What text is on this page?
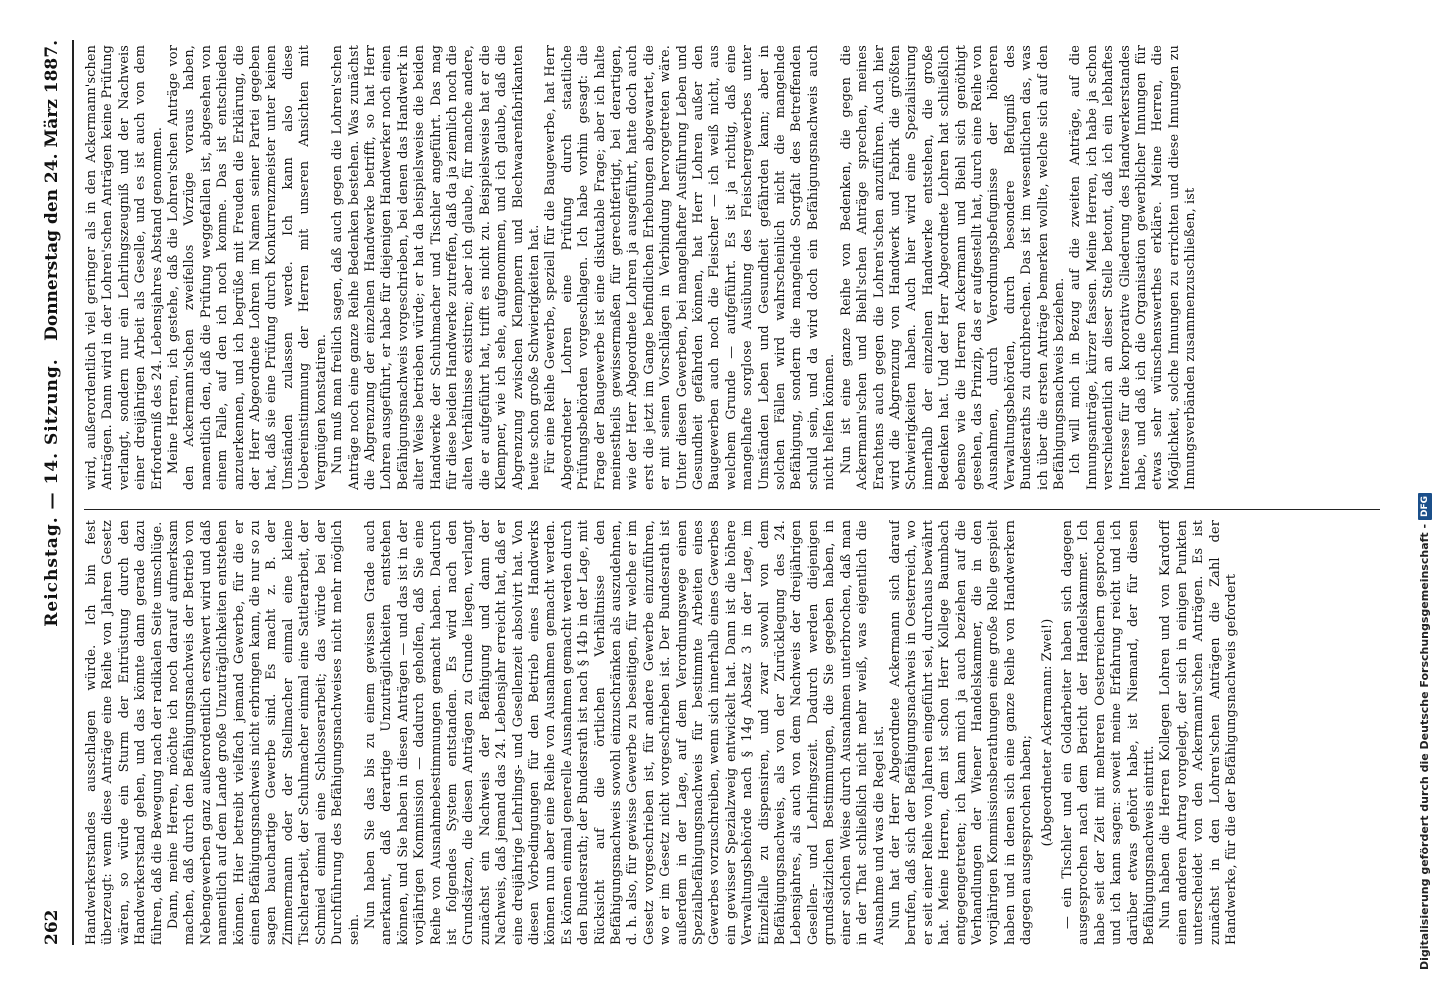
262
Reichstag. — 14. Sitzung.
Donnerstag den 24. März 1887.

Handwerkerstandes ausschlagen würde. Ich bin fest überzeugt: wenn diese Anträge eine Reihe von Jahren Gesetz wären, so würde ein Sturm der Entrüstung durch den Handwerkerstand gehen, und das könnte dann gerade dazu führen, daß die Bewegung nach der radikalen Seite umschlüge. Dann, meine Herren, möchte ich noch darauf aufmerksam machen, daß durch den Befähigungsnachweis der Betrieb von Nebengewerben ganz außerordentlich erschwert wird und daß namentlich auf dem Lande große Unzuträglichkeiten entstehen können. Hier betreibt vielfach jemand Gewerbe, für die er einen Befähigungsnachweis nicht erbringen kann, die nur so zu sagen bauchartige Gewerbe sind. Es macht z. B. der Zimmermann oder der Stellmacher einmal eine kleine Tischlerarbeit, der Schuhmacher einmal eine Sattlerarbeit, der Schmied einmal eine Schlosserarbeit; das würde bei der Durchführung des Befähigungsnachweises nicht mehr möglich sein.

Nun haben Sie das bis zu einem gewissen Grade auch anerkannt, daß derartige Unzuträglichkeiten entstehen können, und Sie haben in diesen Anträgen — und das ist in der vorjährigen Kommission — dadurch geholfen, daß Sie eine Reihe von Ausnahmebestimmungen gemacht haben. Dadurch ist folgendes System entstanden. Es wird nach den Grundsätzen, die diesen Anträgen zu Grunde liegen, verlangt zunächst ein Nachweis der Befähigung und dann der Nachweis, daß jemand das 24. Lebensjahr erreicht hat, daß er eine dreijährige Lehrlings- und Gesellenzeit absolvirt hat. Von diesen Vorbedingungen für den Betrieb eines Handwerks können nun aber eine Reihe von Ausnahmen gemacht werden. Es können einmal generelle Ausnahmen gemacht werden durch den Bundesrath; der Bundesrath ist nach § 14b in der Lage, mit Rücksicht auf die örtlichen Verhältnisse den Befähigungsnachweis sowohl einzuschränken als auszudehnen, d. h. also, für gewisse Gewerbe zu beseitigen, für welche er im Gesetz vorgeschrieben ist, für andere Gewerbe einzuführen, wo er im Gesetz nicht vorgeschrieben ist. Der Bundesrath ist außerdem in der Lage, auf dem Verordnungswege einen Spezialbefähigungsnachweis für bestimmte Arbeiten eines Gewerbes vorzuschreiben, wenn sich innerhalb eines Gewerbes ein gewisser Spezialzweig entwickelt hat. Dann ist die höhere Verwaltungsbehörde nach § 14g Absatz 3 in der Lage, im Einzelfalle zu dispensiren, und zwar sowohl von dem Befähigungsnachweis, als von der Zurücklegung des 24. Lebensjahres, als auch von dem Nachweis der dreijährigen Gesellen- und Lehrlingszeit. Dadurch werden diejenigen grundsätzlichen Bestimmungen, die Sie gegeben haben, in einer solchen Weise durch Ausnahmen unterbrochen, daß man in der That schließlich nicht mehr weiß, was eigentlich die Ausnahme und was die Regel ist. Nun hat der Herr Abgeordnete Ackermann sich darauf berufen, daß sich der Befähigungsnachweis in Oesterreich, wo er seit einer Reihe von Jahren eingeführt sei, durchaus bewährt hat. Meine Herren, dem ist schon Herr Kollege Baumbach entgegengetreten; ich kann mich ja auch beziehen auf die Verhandlungen der Wiener Handelskammer, die in den vorjährigen Kommissionsberathungen eine große Rolle gespielt haben und in denen sich eine ganze Reihe von Handwerkern dagegen ausgesprochen haben; (Abgeordneter Ackermann: Zwei!) — ein Tischler und ein Goldarbeiter haben sich dagegen ausgesprochen nach dem Bericht der Handelskammer. Ich habe seit der Zeit mit mehreren Oesterreichern gesprochen und ich kann sagen: soweit meine Erfahrung reicht und ich darüber etwas gehört habe, ist Niemand, der für diesen Befähigungsnachweis eintritt. Nun haben die Herren Kollegen Lohren und von Kardorff einen anderen Antrag vorgelegt, der sich in einigen Punkten unterscheidet von den Ackermann'schen Anträgen. Es ist zunächst in den Lohren'schen Anträgen die Zahl der Handwerke, für die der Befähigungsnachweis gefordert

wird, außerordentlich viel geringer als in den Ackermann'schen Anträgen. Dann wird in der Lohren'schen Anträgen keine Prüfung verlangt, sondern nur ein Lehrlingszeugniß und der Nachweis einer dreijährigen Arbeit als Geselle, und es ist auch von dem Erforderniß des 24. Lebensjahres Abstand genommen. Meine Herren, ich gestehe, daß die Lohren'schen Anträge vor den Ackermann'schen zweifellos Vorzüge voraus haben, namentlich den, daß die Prüfung weggefallen ist, abgesehen von einem Falle, auf den ich noch komme. Das ist entschieden anzuerkennen, und ich begrüße mit Freuden die Erklärung, die der Herr Abgeordnete Lohren im Namen seiner Partei gegeben hat, daß sie eine Prüfung durch Konkurrenzmeister unter keinen Umständen zulassen werde. Ich kann also diese Uebereinstimmung der Herren mit unseren Ansichten mit Vergnügen konstatiren. Nun muß man freilich sagen, daß auch gegen die Lohren'schen Anträge noch eine ganze Reihe Bedenken bestehen. Was zunächst die Abgrenzung der einzelnen Handwerke betrifft, so hat Herr Lohren ausgeführt, er habe für diejenigen Handwerker noch einen Befähigungsnachweis vorgeschrieben, bei denen das Handwerk in alter Weise betrieben würde; er hat da beispielsweise die beiden Handwerke der Schuhmacher und Tischler angeführt. Das mag für diese beiden Handwerke zutreffen, daß da ja ziemlich noch die alten Verhältnisse existiren; aber ich glaube, für manche andere, die er aufgeführt hat, trifft es nicht zu. Beispielsweise hat er die Klempner, wie ich sehe, aufgenommen, und ich glaube, daß die Abgrenzung zwischen Klempnern und Blechwaarenfabrikanten heute schon große Schwierigkeiten hat. Für eine Reihe Gewerbe, speziell für die Baugewerbe, hat Herr Abgeordneter Lohren eine Prüfung durch staatliche Prüfungsbehörden vorgeschlagen. Ich habe vorhin gesagt: die Frage der Baugewerbe ist eine diskutable Frage; aber ich halte meinestheils gewissermaßen für gerechtfertigt, bei derartigen, wie der Herr Abgeordnete Lohren ja ausgeführt, hatte doch auch erst die jetzt im Gange befindlichen Erhebungen abgewartet, die er mit seinen Vorschlägen in Verbindung hervorgetreten wäre. Unter diesen Gewerben, bei mangelhafter Ausführung Leben und Gesundheit gefährden können, hat Herr Lohren außer den Baugewerben auch noch die Fleischer — ich weiß nicht, aus welchem Grunde — aufgeführt. Es ist ja richtig, daß eine mangelhafte sorglose Ausübung des Fleischergewerbes unter Umständen Leben und Gesundheit gefährden kann; aber in solchen Fällen wird wahrscheinlich nicht die mangelnde Befähigung, sondern die mangelnde Sorgfalt des Betreffenden schuld sein, und da wird doch ein Befähigungsnachweis auch nicht helfen können. Nun ist eine ganze Reihe von Bedenken, die gegen die Ackermann'schen und Biehl'schen Anträge sprechen, meines Erachtens auch gegen die Lohren'schen anzuführen. Auch hier wird die Abgrenzung von Handwerk und Fabrik die größten Schwierigkeiten haben. Auch hier wird eine Spezialisirung innerhalb der einzelnen Handwerke entstehen, die große Bedenken hat. Und der Herr Abgeordnete Lohren hat schließlich ebenso wie die Herren Ackermann und Biehl sich genöthigt gesehen, das Prinzip, das er aufgestellt hat, durch eine Reihe von Ausnahmen, durch Verordnungsbefugnisse der höheren Verwaltungsbehörden, durch besondere Befugniß des Bundesraths zu durchbrechen. Das ist im wesentlichen das, was ich über die ersten Anträge bemerken wollte, welche sich auf den Befähigungsnachweis beziehen. Ich will mich in Bezug auf die zweiten Anträge, auf die Innungsanträge, kürzer fassen. Meine Herren, ich habe ja schon verschiedentlich an dieser Stelle betont, daß ich ein lebhaftes Interesse für die korporative Gliederung des Handwerkerstandes habe, und daß ich die Organisation gewerblicher Innungen für etwas sehr wünschenswerthes erkläre. Meine Herren, die Möglichkeit, solche Innungen zu errichten und diese Innungen zu Innungsverbänden zusammenzuschließen, ist

Digitalisierung gefördert durch die Deutsche Forschungsgemeinschaft -DFG
